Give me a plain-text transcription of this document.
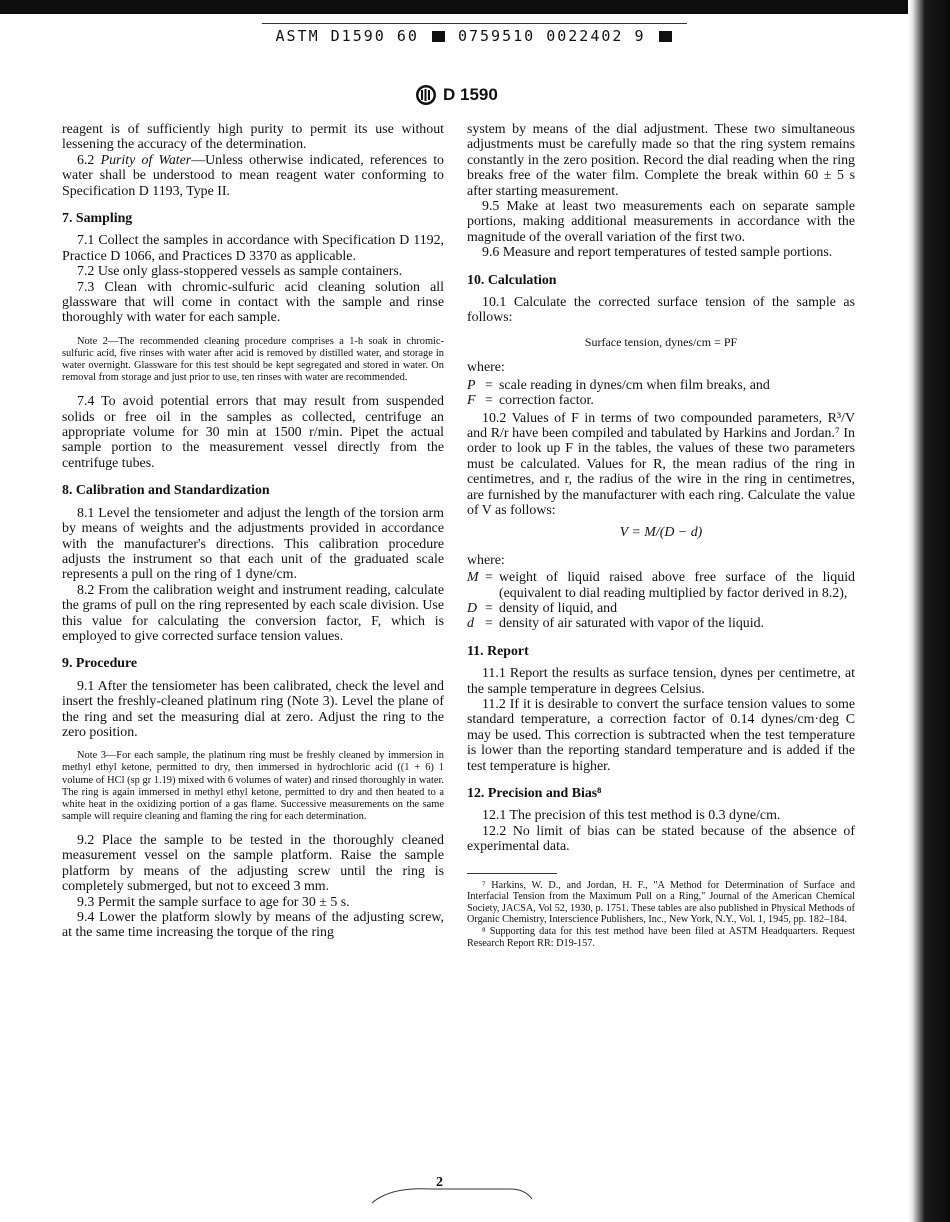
ASTM D1590 60	0759510 0022402 9
D 1590

reagent is of sufficiently high purity to permit its use without lessening the accuracy of the determination.

6.2 Purity of Water—Unless otherwise indicated, references to water shall be understood to mean reagent water conforming to Specification D 1193, Type II.

7. Sampling

7.1 Collect the samples in accordance with Specification D 1192, Practice D 1066, and Practices D 3370 as applicable.

7.2 Use only glass-stoppered vessels as sample containers.

7.3 Clean with chromic-sulfuric acid cleaning solution all glassware that will come in contact with the sample and rinse thoroughly with water for each sample.

Note 2—The recommended cleaning procedure comprises a 1-h soak in chromic-sulfuric acid, five rinses with water after acid is removed by distilled water, and storage in water overnight. Glassware for this test should be kept segregated and stored in water. On removal from storage and just prior to use, ten rinses with water are recommended.

7.4 To avoid potential errors that may result from suspended solids or free oil in the samples as collected, centrifuge an appropriate volume for 30 min at 1500 r/min. Pipet the actual sample portion to the measurement vessel directly from the centrifuge tubes.

8. Calibration and Standardization

8.1 Level the tensiometer and adjust the length of the torsion arm by means of weights and the adjustments provided in accordance with the manufacturer's directions. This calibration procedure adjusts the instrument so that each unit of the graduated scale represents a pull on the ring of 1 dyne/cm.

8.2 From the calibration weight and instrument reading, calculate the grams of pull on the ring represented by each scale division. Use this value for calculating the conversion factor, F, which is employed to give corrected surface tension values.

9. Procedure

9.1 After the tensiometer has been calibrated, check the level and insert the freshly-cleaned platinum ring (Note 3). Level the plane of the ring and set the measuring dial at zero. Adjust the ring to the zero position.

Note 3—For each sample, the platinum ring must be freshly cleaned by immersion in methyl ethyl ketone, permitted to dry, then immersed in hydrochloric acid ((1 + 6) 1 volume of HCl (sp gr 1.19) mixed with 6 volumes of water) and rinsed thoroughly in water. The ring is again immersed in methyl ethyl ketone, permitted to dry and then heated to a white heat in the oxidizing portion of a gas flame. Successive measurements on the same sample will require cleaning and flaming the ring for each determination.

9.2 Place the sample to be tested in the thoroughly cleaned measurement vessel on the sample platform. Raise the sample platform by means of the adjusting screw until the ring is completely submerged, but not to exceed 3 mm.

9.3 Permit the sample surface to age for 30 ± 5 s.

9.4 Lower the platform slowly by means of the adjusting screw, at the same time increasing the torque of the ring

system by means of the dial adjustment. These two simultaneous adjustments must be carefully made so that the ring system remains constantly in the zero position. Record the dial reading when the ring breaks free of the water film. Complete the break within 60 ± 5 s after starting measurement.

9.5 Make at least two measurements each on separate sample portions, making additional measurements in accordance with the magnitude of the overall variation of the first two.

9.6 Measure and report temperatures of tested sample portions.

10. Calculation

10.1 Calculate the corrected surface tension of the sample as follows:

Surface tension, dynes/cm = PF

where:

P = scale reading in dynes/cm when film breaks, and
F = correction factor.

10.2 Values of F in terms of two compounded parameters, R³/V and R/r have been compiled and tabulated by Harkins and Jordan.⁷ In order to look up F in the tables, the values of these two parameters must be calculated. Values for R, the mean radius of the ring in centimetres, and r, the radius of the wire in the ring in centimetres, are furnished by the manufacturer with each ring. Calculate the value of V as follows:

V = M/(D − d)

where:

M = weight of liquid raised above free surface of the liquid (equivalent to dial reading multiplied by factor derived in 8.2),
D = density of liquid, and
d = density of air saturated with vapor of the liquid.
11. Report

11.1 Report the results as surface tension, dynes per centimetre, at the sample temperature in degrees Celsius.

11.2 If it is desirable to convert the surface tension values to some standard temperature, a correction factor of 0.14 dynes/cm·deg C may be used. This correction is subtracted when the test temperature is lower than the reporting standard temperature and is added if the test temperature is higher.

12. Precision and Bias⁸

12.1 The precision of this test method is 0.3 dyne/cm.

12.2 No limit of bias can be stated because of the absence of experimental data.

⁷ Harkins, W. D., and Jordan, H. F., "A Method for Determination of Surface and Interfacial Tension from the Maximum Pull on a Ring," Journal of the American Chemical Society, JACSA, Vol 52, 1930, p. 1751. These tables are also published in Physical Methods of Organic Chemistry, Interscience Publishers, Inc., New York, N.Y., Vol. 1, 1945, pp. 182–184.

⁸ Supporting data for this test method have been filed at ASTM Headquarters. Request Research Report RR: D19-157.

2
